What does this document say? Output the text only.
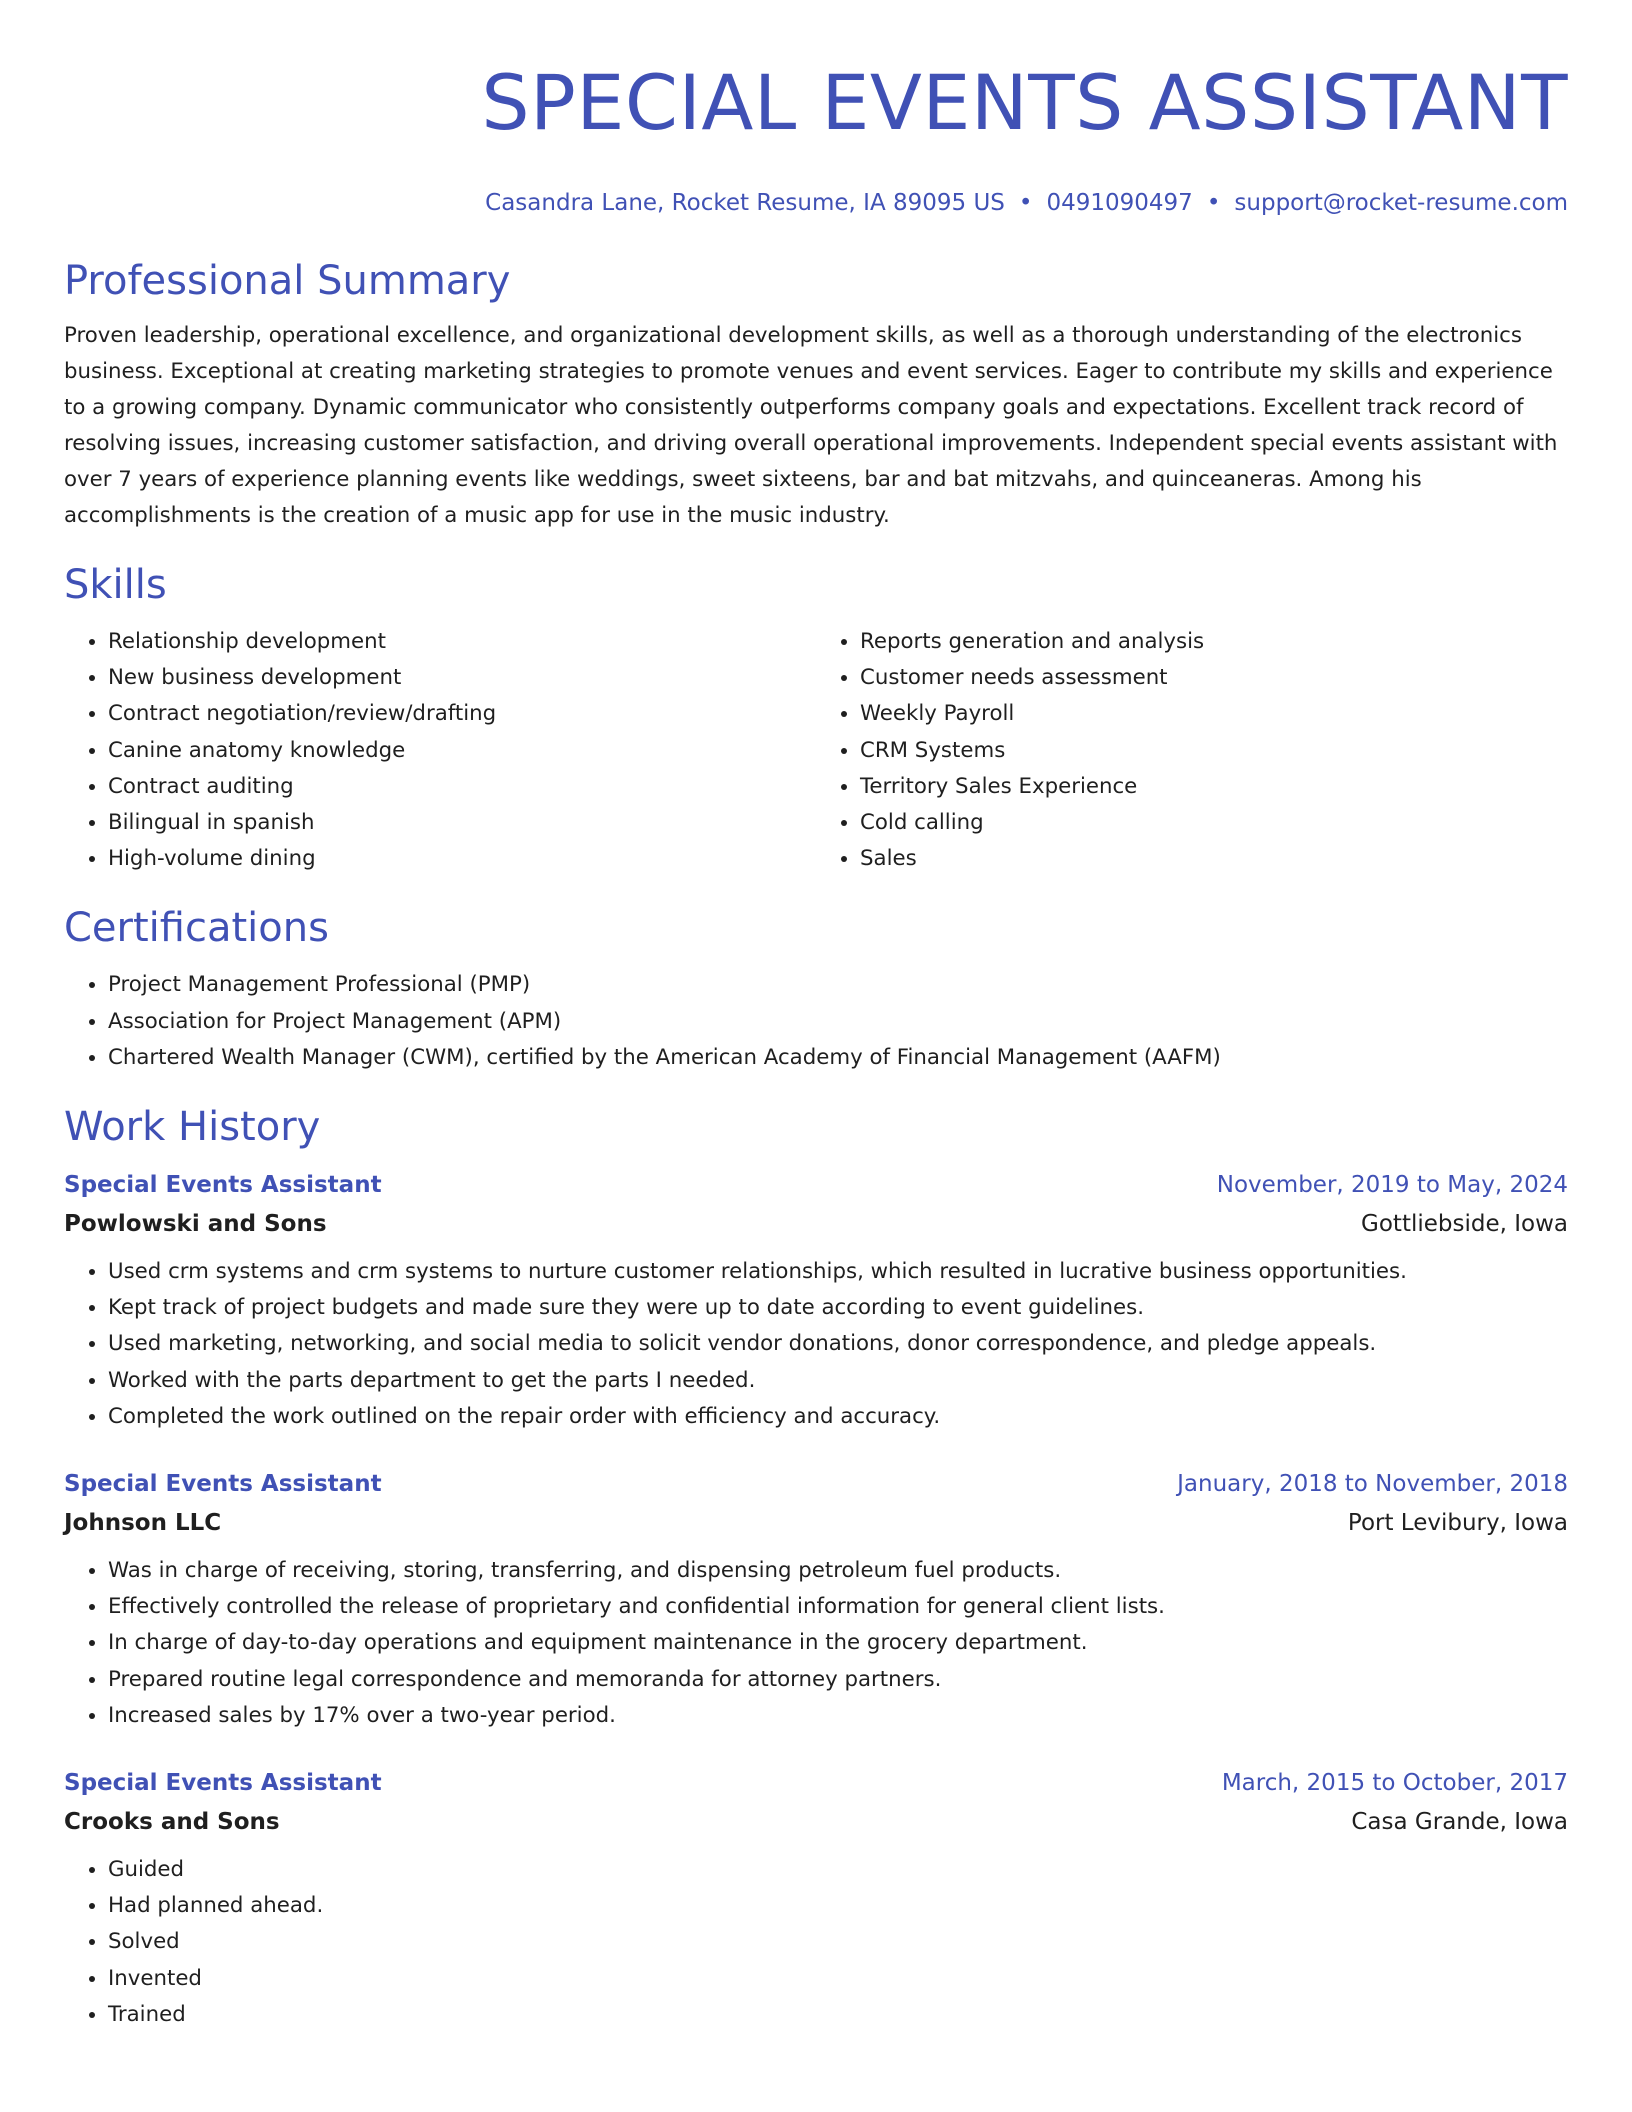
SPECIAL EVENTS ASSISTANT
Casandra Lane, Rocket Resume, IA 89095 US • 0491090497 • support@rocket-resume.com
Professional Summary

Proven leadership, operational excellence, and organizational development skills, as well as a thorough understanding of the electronics business. Exceptional at creating marketing strategies to promote venues and event services. Eager to contribute my skills and experience to a growing company. Dynamic communicator who consistently outperforms company goals and expectations. Excellent track record of resolving issues, increasing customer satisfaction, and driving overall operational improvements. Independent special events assistant with over 7 years of experience planning events like weddings, sweet sixteens, bar and bat mitzvahs, and quinceaneras. Among his accomplishments is the creation of a music app for use in the music industry.

Skills
• Relationship development
• New business development
• Contract negotiation/review/drafting
• Canine anatomy knowledge
• Contract auditing
• Bilingual in spanish
• High-volume dining
• Reports generation and analysis
• Customer needs assessment
• Weekly Payroll
• CRM Systems
• Territory Sales Experience
• Cold calling
• Sales
Certifications
• Project Management Professional (PMP)
• Association for Project Management (APM)
• Chartered Wealth Manager (CWM), certified by the American Academy of Financial Management (AAFM)
Work History
Special Events Assistant	November, 2019 to May, 2024
Powlowski and Sons	Gottliebside, Iowa
• Used crm systems and crm systems to nurture customer relationships, which resulted in lucrative business opportunities.
• Kept track of project budgets and made sure they were up to date according to event guidelines.
• Used marketing, networking, and social media to solicit vendor donations, donor correspondence, and pledge appeals.
• Worked with the parts department to get the parts I needed.
• Completed the work outlined on the repair order with efficiency and accuracy.
Special Events Assistant	January, 2018 to November, 2018
Johnson LLC	Port Levibury, Iowa
• Was in charge of receiving, storing, transferring, and dispensing petroleum fuel products.
• Effectively controlled the release of proprietary and confidential information for general client lists.
• In charge of day-to-day operations and equipment maintenance in the grocery department.
• Prepared routine legal correspondence and memoranda for attorney partners.
• Increased sales by 17% over a two-year period.
Special Events Assistant	March, 2015 to October, 2017
Crooks and Sons	Casa Grande, Iowa
• Guided
• Had planned ahead.
• Solved
• Invented
• Trained
